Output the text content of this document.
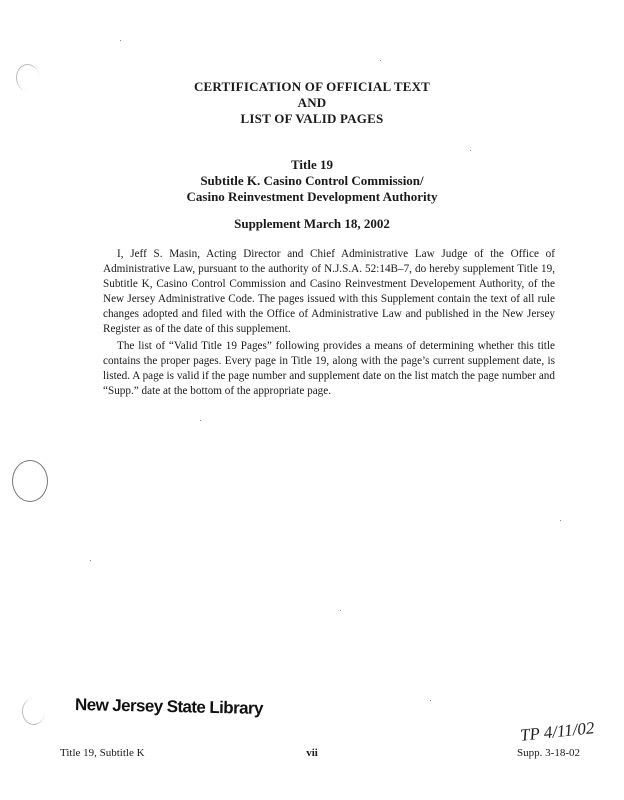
CERTIFICATION OF OFFICIAL TEXT
AND
LIST OF VALID PAGES
Title 19
Subtitle K. Casino Control Commission/
Casino Reinvestment Development Authority
Supplement March 18, 2002
I, Jeff S. Masin, Acting Director and Chief Administrative Law Judge of the Office of Administrative Law, pursuant to the authority of N.J.S.A. 52:14B–7, do hereby supplement Title 19, Subtitle K, Casino Control Commission and Casino Reinvestment Developement Authority, of the New Jersey Administrative Code. The pages issued with this Supplement contain the text of all rule changes adopted and filed with the Office of Administrative Law and published in the New Jersey Register as of the date of this supplement.
The list of “Valid Title 19 Pages” following provides a means of determining whether this title contains the proper pages. Every page in Title 19, along with the page’s current supplement date, is listed. A page is valid if the page number and supplement date on the list match the page number and “Supp.” date at the bottom of the appropriate page.
New Jersey State Library
TP 4/11/02
Title 19, Subtitle K	vii	Supp. 3-18-02
